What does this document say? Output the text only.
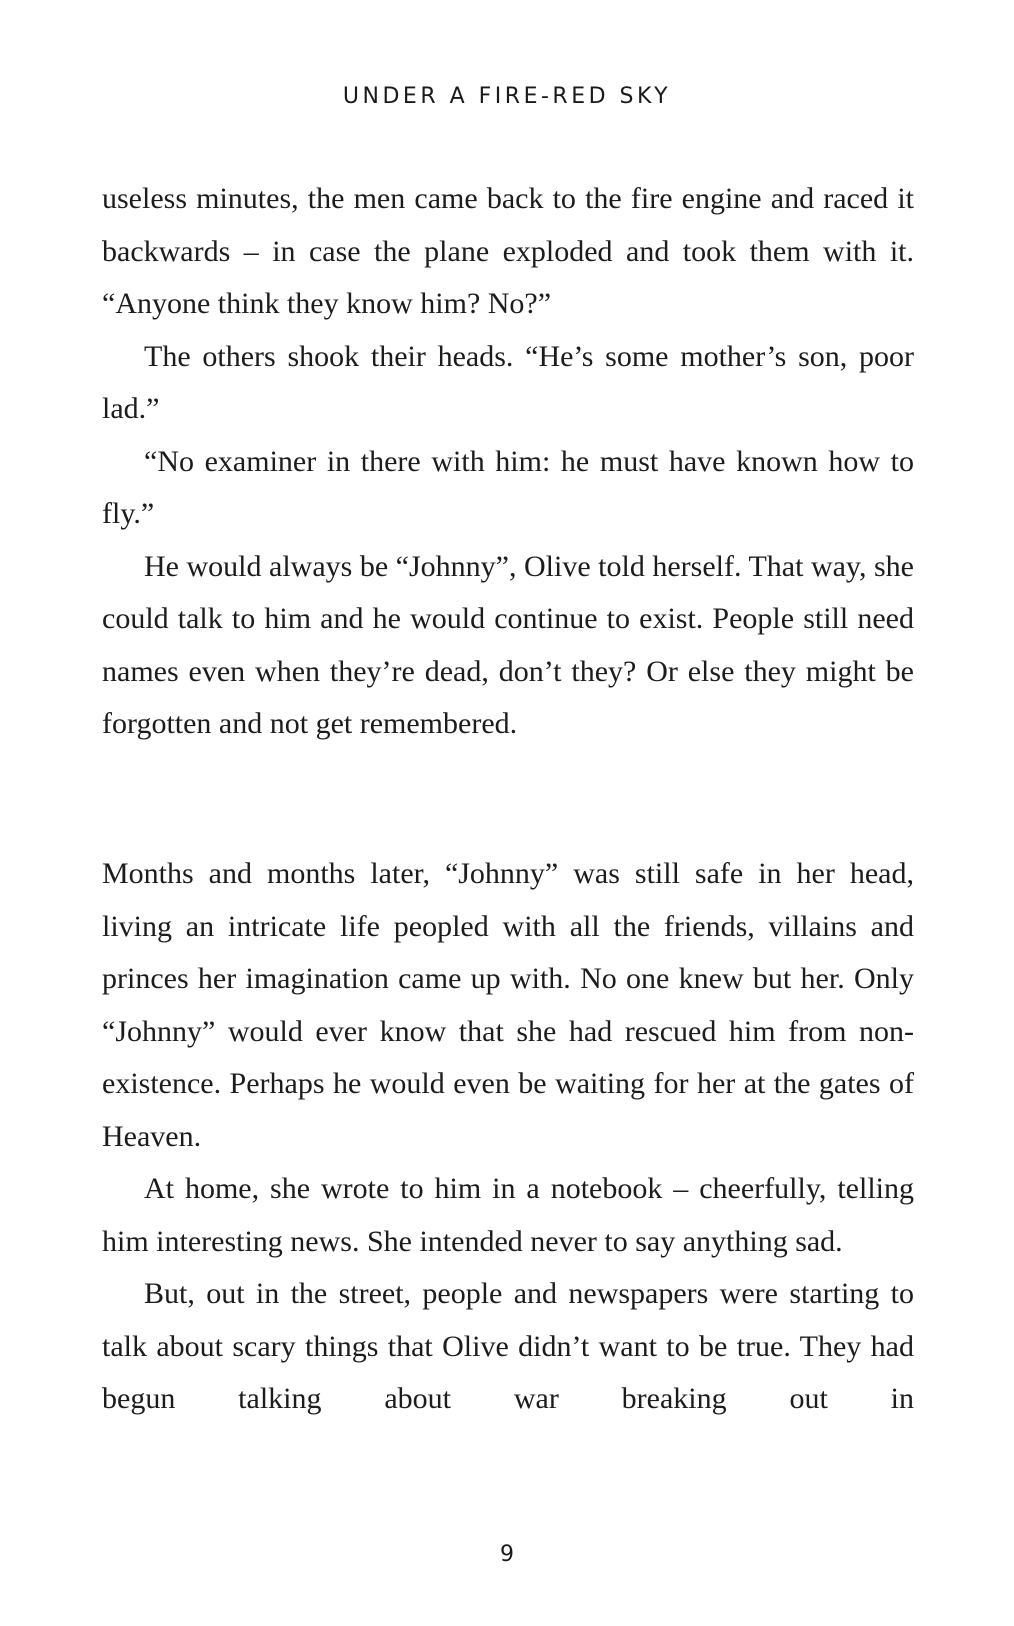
UNDER A FIRE-RED SKY

useless minutes, the men came back to the fire engine and raced it backwards – in case the plane exploded and took them with it. “Anyone think they know him? No?”

The others shook their heads. “He’s some mother’s son, poor lad.”

“No examiner in there with him: he must have known how to fly.”

He would always be “Johnny”, Olive told herself. That way, she could talk to him and he would continue to exist. People still need names even when they’re dead, don’t they? Or else they might be forgotten and not get remembered.

Months and months later, “Johnny” was still safe in her head, living an intricate life peopled with all the friends, villains and princes her imagination came up with. No one knew but her. Only “Johnny” would ever know that she had rescued him from non-existence. Perhaps he would even be waiting for her at the gates of Heaven.

At home, she wrote to him in a notebook – cheerfully, telling him interesting news. She intended never to say anything sad.

But, out in the street, people and newspapers were starting to talk about scary things that Olive didn’t want to be true. They had begun talking about war breaking out in

9
